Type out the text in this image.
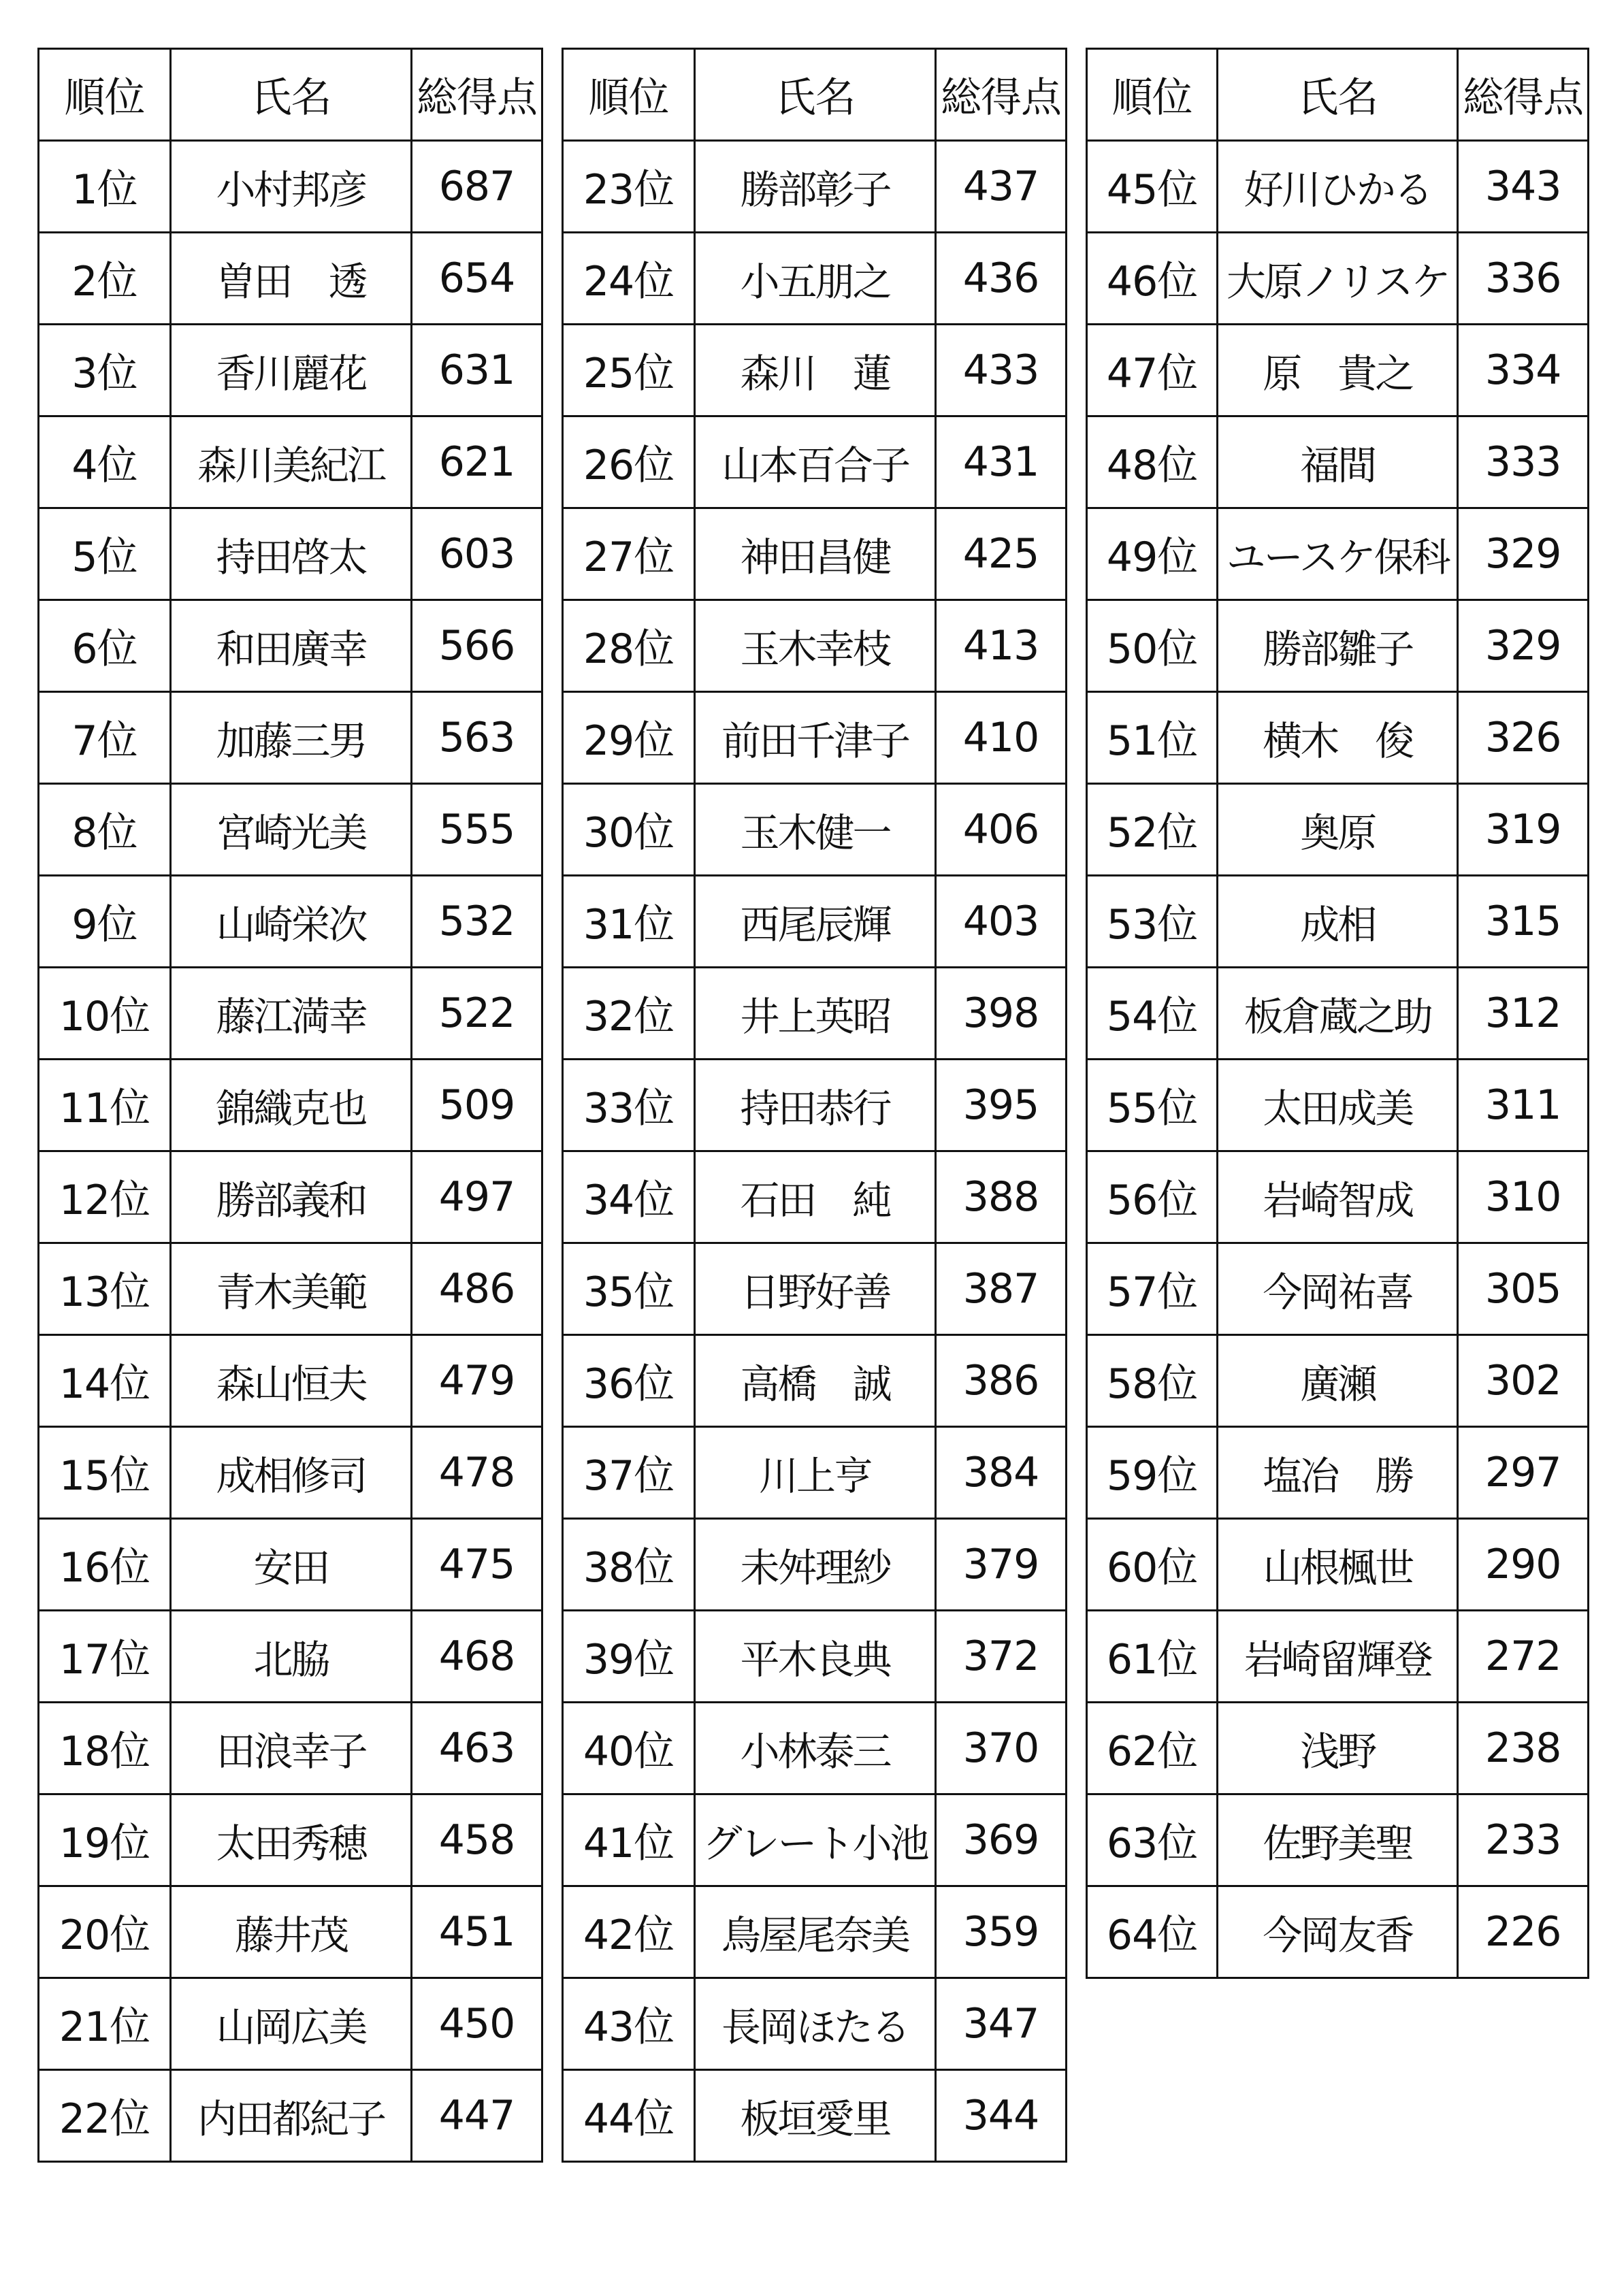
順位	氏名	総得点
1位	小村邦彦	687
2位	曽田　透	654
3位	香川麗花	631
4位	森川美紀江	621
5位	持田啓太	603
6位	和田廣幸	566
7位	加藤三男	563
8位	宮崎光美	555
9位	山崎栄次	532
10位	藤江満幸	522
11位	錦織克也	509
12位	勝部義和	497
13位	青木美範	486
14位	森山恒夫	479
15位	成相修司	478
16位	安田	475
17位	北脇	468
18位	田浪幸子	463
19位	太田秀穂	458
20位	藤井茂	451
21位	山岡広美	450
22位	内田都紀子	447
順位	氏名	総得点
23位	勝部彰子	437
24位	小五朋之	436
25位	森川　蓮	433
26位	山本百合子	431
27位	神田昌健	425
28位	玉木幸枝	413
29位	前田千津子	410
30位	玉木健一	406
31位	西尾辰輝	403
32位	井上英昭	398
33位	持田恭行	395
34位	石田　純	388
35位	日野好善	387
36位	高橋　誠	386
37位	川上亨	384
38位	未舛理紗	379
39位	平木良典	372
40位	小林泰三	370
41位	グレート小池	369
42位	鳥屋尾奈美	359
43位	長岡ほたる	347
44位	板垣愛里	344
順位	氏名	総得点
45位	好川ひかる	343
46位	大原ノリスケ	336
47位	原　貴之	334
48位	福間	333
49位	ユースケ保科	329
50位	勝部雛子	329
51位	横木　俊	326
52位	奥原	319
53位	成相	315
54位	板倉蔵之助	312
55位	太田成美	311
56位	岩崎智成	310
57位	今岡祐喜	305
58位	廣瀬	302
59位	塩冶　勝	297
60位	山根楓世	290
61位	岩崎留輝登	272
62位	浅野	238
63位	佐野美聖	233
64位	今岡友香	226
